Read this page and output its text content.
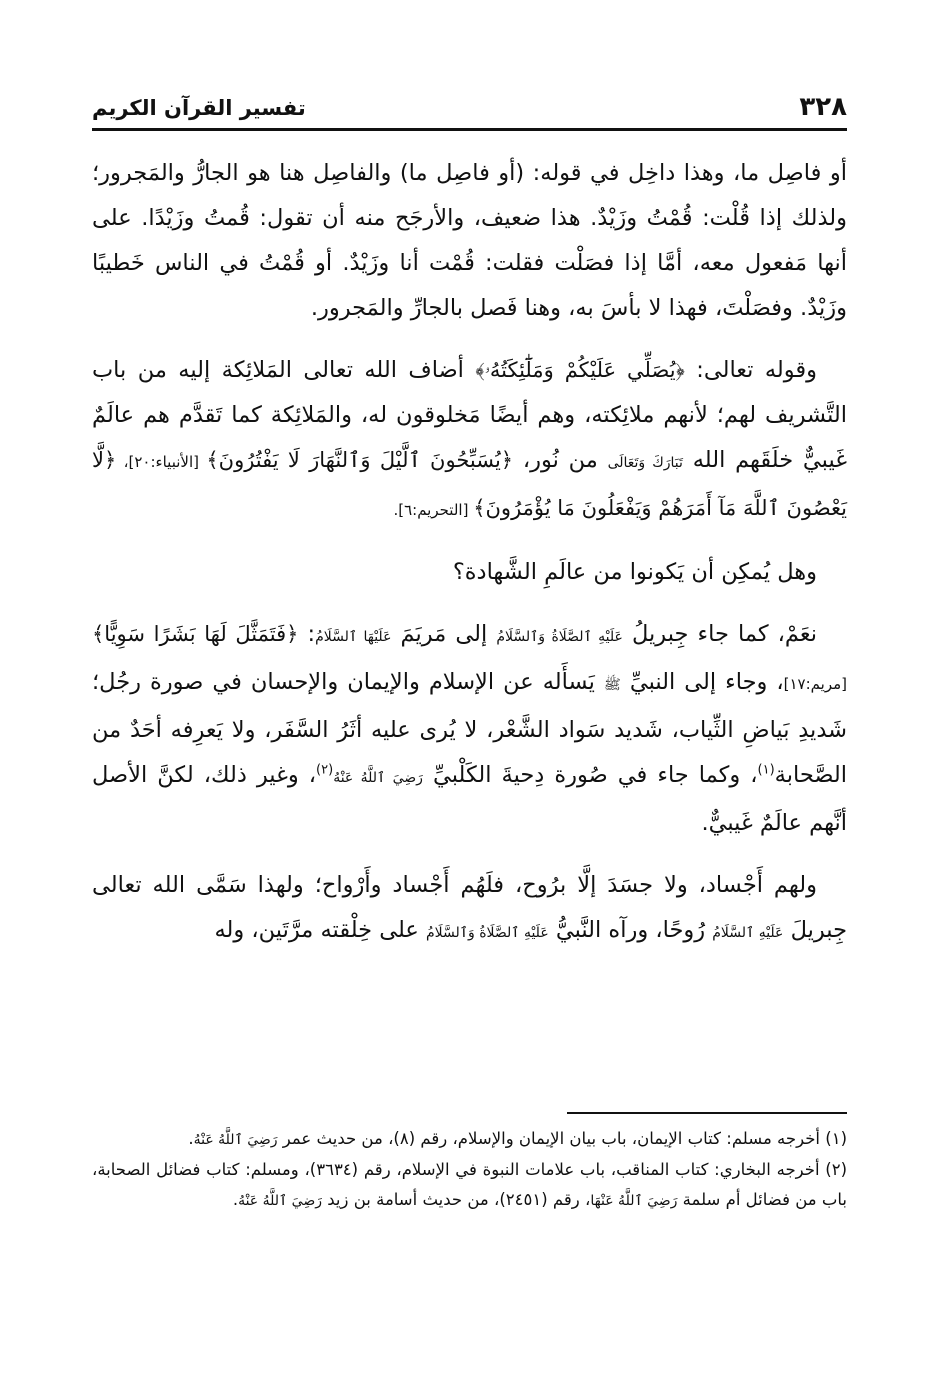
٣٢٨
تفسير القرآن الكريم

أو فاصِل ما، وهذا داخِل في قوله: (أو فاصِل ما) والفاصِل هنا هو الجارُّ والمَجرور؛ ولذلك إذا قُلْت: قُمْتُ وزَيْدٌ. هذا ضعيف، والأرجَح منه أن تقول: قُمتُ وزَيْدًا. على أنها مَفعول معه، أمَّا إذا فصَلْت فقلت: قُمْت أنا وزَيْدٌ. أو قُمْتُ في الناس خَطيبًا وزَيْدٌ. وفصَلْتَ، فهذا لا بأسَ به، وهنا فَصل بالجارِّ والمَجرور.

وقوله تعالى: ﴿يُصَلِّي عَلَيْكُمْ وَمَلَٰٓئِكَتُهُۥ﴾ أضاف الله تعالى المَلائِكة إليه من باب التَّشريف لهم؛ لأنهم ملائِكته، وهم أيضًا مَخلوقون له، والمَلائِكة كما تَقدَّم هم عالَمٌ غَيبيٌّ خلَقَهم الله تَبَارَكَ وَتَعَالَى من نُور، ﴿يُسَبِّحُونَ ٱلَّيْلَ وَٱلنَّهَارَ لَا يَفْتُرُونَ﴾ [الأنبياء:٢٠]، ﴿لَّا يَعْصُونَ ٱللَّهَ مَآ أَمَرَهُمْ وَيَفْعَلُونَ مَا يُؤْمَرُونَ﴾ [التحريم:٦].

وهل يُمكِن أن يَكونوا من عالَمِ الشَّهادة؟

نعَمْ، كما جاء جِبريلُ عَلَيْهِ ٱلصَّلَاةُ وَٱلسَّلَامُ إلى مَريَمَ عَلَيْهَا ٱلسَّلَامُ: ﴿فَتَمَثَّلَ لَهَا بَشَرًا سَوِيًّا﴾ [مريم:١٧]، وجاء إلى النبيِّ ﷺ يَسأَله عن الإسلام والإيمان والإحسان في صورة رجُل؛ شَديدِ بَياضِ الثِّياب، شَديد سَواد الشَّعْر، لا يُرى عليه أثَرُ السَّفَر، ولا يَعرِفه أحَدٌ من الصَّحابة$^{(١)}$، وكما جاء في صُورة دِحيةَ الكَلْبيِّ رَضِيَ ٱللَّهُ عَنْهُ$^{(٢)}$، وغير ذلك، لكنَّ الأصل أنَّهم عالَمٌ غَيبيٌّ.

ولهم أَجْساد، ولا جسَدَ إلَّا برُوح، فلَهُم أَجْساد وأَرْواح؛ ولهذا سَمَّى الله تعالى جِبريلَ عَلَيْهِ ٱلسَّلَامُ رُوحًا، ورآه النَّبيُّ عَلَيْهِ ٱلصَّلَاةُ وَٱلسَّلَامُ على خِلْقته مرَّتَين، وله

(١) أخرجه مسلم: كتاب الإيمان، باب بيان الإيمان والإسلام، رقم (٨)، من حديث عمر رَضِيَ ٱللَّهُ عَنْهُ.

(٢) أخرجه البخاري: كتاب المناقب، باب علامات النبوة في الإسلام، رقم (٣٦٣٤)، ومسلم: كتاب فضائل الصحابة، باب من فضائل أم سلمة رَضِيَ ٱللَّهُ عَنْهَا، رقم (٢٤٥١)، من حديث أسامة بن زيد رَضِيَ ٱللَّهُ عَنْهُ.
